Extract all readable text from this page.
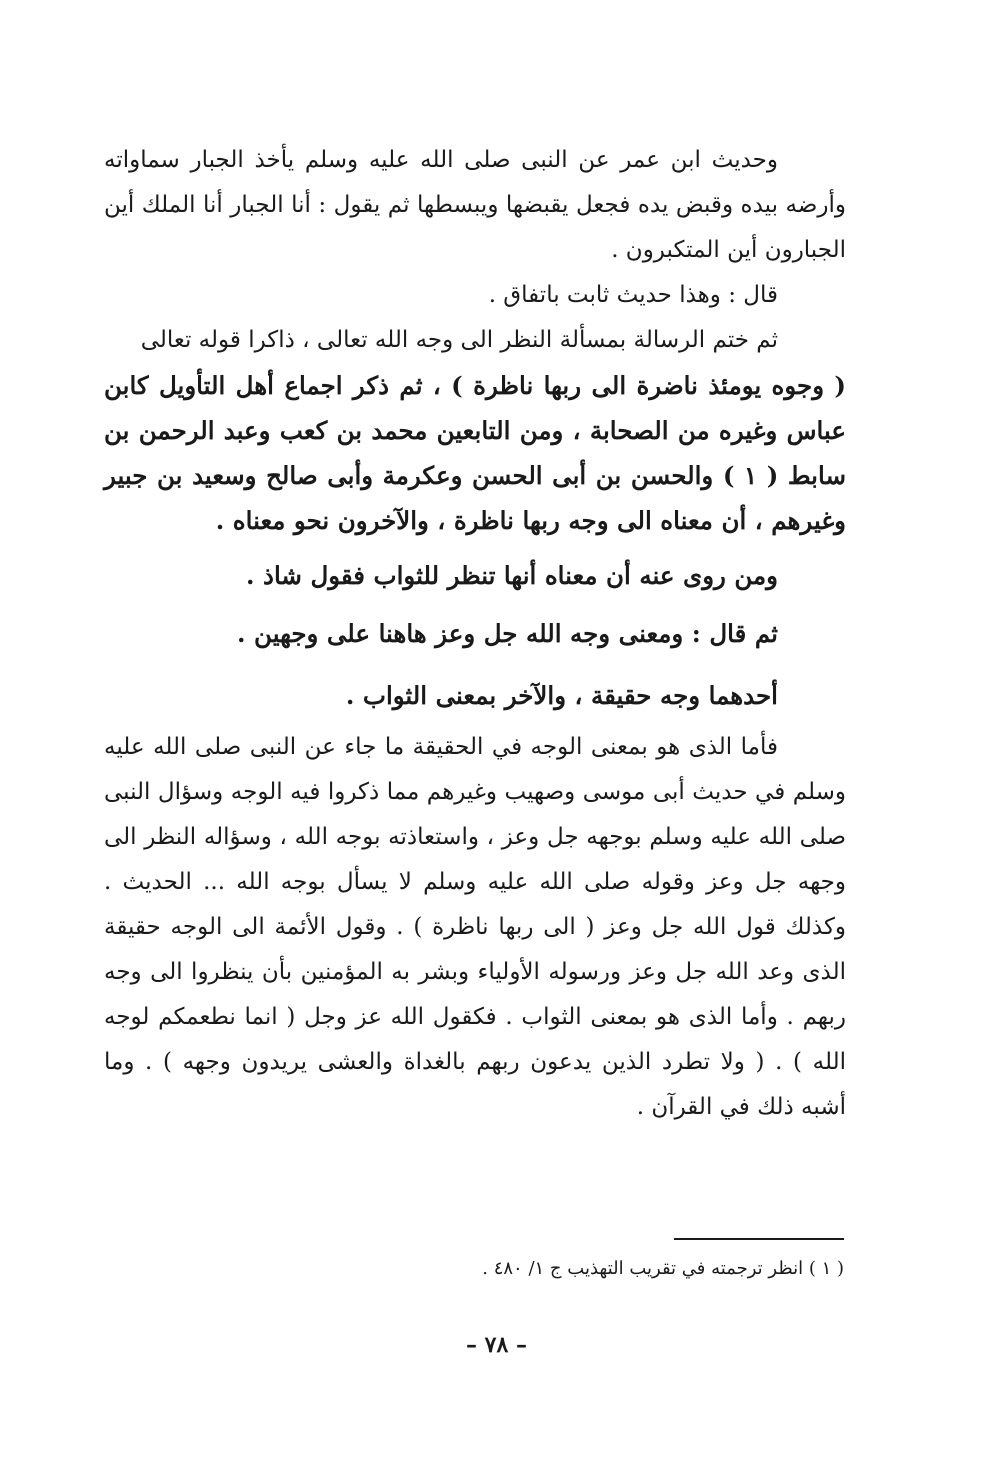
وحديث ابن عمر عن النبى صلى الله عليه وسلم يأخذ الجبار سماواته وأرضه بيده وقبض يده فجعل يقبضها ويبسطها ثم يقول : أنا الجبار أنا الملك أين الجبارون أين المتكبرون .

قال : وهذا حديث ثابت باتفاق .

ثم ختم الرسالة بمسألة النظر الى وجه الله تعالى ، ذاكرا قوله تعالى

( وجوه يومئذ ناضرة الى ربها ناظرة ) ، ثم ذكر اجماع أهل التأويل كابن عباس وغيره من الصحابة ، ومن التابعين محمد بن كعب وعبد الرحمن بن سابط ( ١ ) والحسن بن أبى الحسن وعكرمة وأبى صالح وسعيد بن جبير وغيرهم ، أن معناه الى وجه ربها ناظرة ، والآخرون نحو معناه .

ومن روى عنه أن معناه أنها تنظر للثواب فقول شاذ .

ثم قال : ومعنى وجه الله جل وعز هاهنا على وجهين .

أحدهما وجه حقيقة ، والآخر بمعنى الثواب .

فأما الذى هو بمعنى الوجه في الحقيقة ما جاء عن النبى صلى الله عليه وسلم في حديث أبى موسى وصهيب وغيرهم مما ذكروا فيه الوجه وسؤال النبى صلى الله عليه وسلم بوجهه جل وعز ، واستعاذته بوجه الله ، وسؤاله النظر الى وجهه جل وعز وقوله صلى الله عليه وسلم لا يسأل بوجه الله ... الحديث . وكذلك قول الله جل وعز ( الى ربها ناظرة ) . وقول الأئمة الى الوجه حقيقة الذى وعد الله جل وعز ورسوله الأولياء وبشر به المؤمنين بأن ينظروا الى وجه ربهم . وأما الذى هو بمعنى الثواب . فكقول الله عز وجل ( انما نطعمكم لوجه الله ) . ( ولا تطرد الذين يدعون ربهم بالغداة والعشى يريدون وجهه ) . وما أشبه ذلك في القرآن .

( ١ ) انظر ترجمته في تقريب التهذيب ج ١/ ٤٨٠ .
– ٧٨ –
